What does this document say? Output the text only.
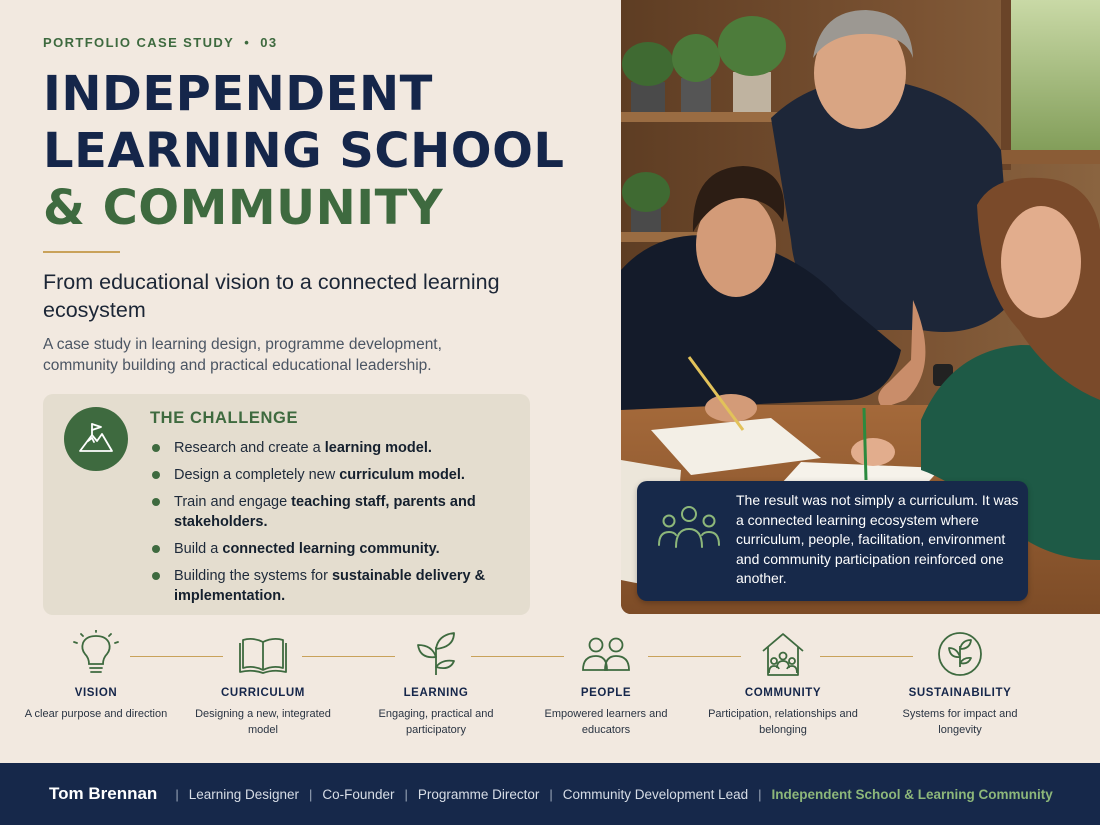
PORTFOLIO CASE STUDY • 03
INDEPENDENT
LEARNING SCHOOL
& COMMUNITY

From educational vision to a connected learning ecosystem

A case study in learning design, programme development, community building and practical educational leadership.

THE CHALLENGE
Research and create a learning model.
Design a completely new curriculum model.
Train and engage teaching staff, parents and stakeholders.
Build a connected learning community.
Building the systems for sustainable delivery & implementation.

The result was not simply a curriculum. It was a connected learning ecosystem where curriculum, people, facilitation, environment and community participation reinforced one another.

VISION
A clear purpose and direction
CURRICULUM
Designing a new, integrated model
LEARNING
Engaging, practical and participatory
PEOPLE
Empowered learners and educators
COMMUNITY
Participation, relationships and belonging
SUSTAINABILITY
Systems for impact and longevity
Tom Brennan | Learning Designer | Co-Founder | Programme Director | Community Development Lead | Independent School & Learning Community
